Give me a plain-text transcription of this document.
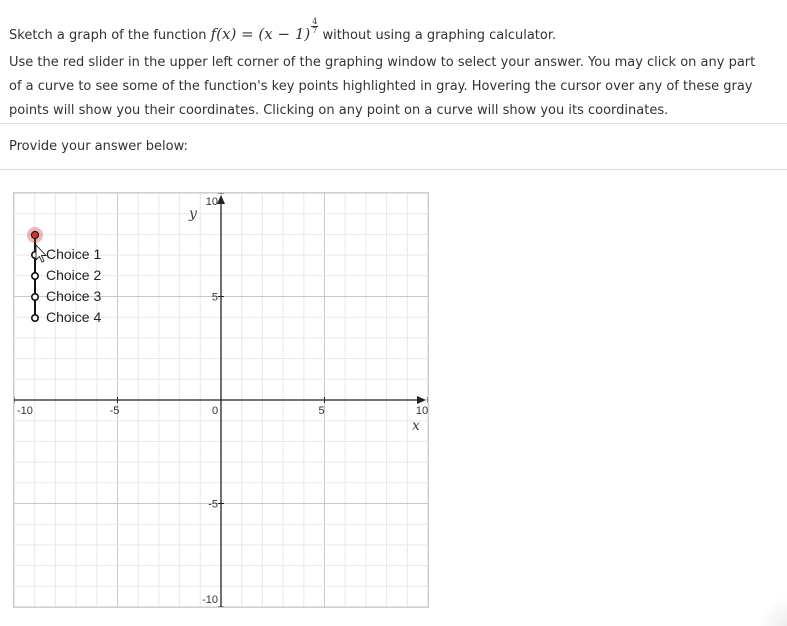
Sketch a graph of the function $f(x) = (x - 1) \frac{4}{7}$
without using a graphing calculator.
Use the red slider in the upper left corner of the graphing window to select your answer. You may click on any part of a curve to see some of the function's key points highlighted in gray. Hovering the cursor over any of these gray points will show you their coordinates. Clicking on any point on a curve will show you its coordinates.
Provide your answer below:
-10	-5	0	5	10
10
5
-5
-10
x
y
Choice 1
Choice 2
Choice 3
Choice 4
